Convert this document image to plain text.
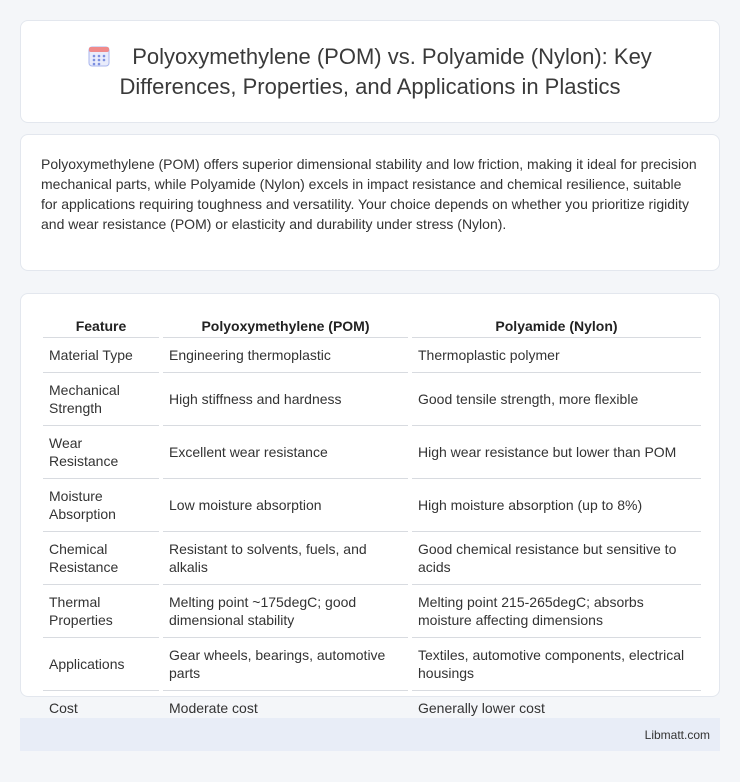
Polyoxymethylene (POM) vs. Polyamide (Nylon): Key Differences, Properties, and Applications in Plastics

Polyoxymethylene (POM) offers superior dimensional stability and low friction, making it ideal for precision mechanical parts, while Polyamide (Nylon) excels in impact resistance and chemical resilience, suitable for applications requiring toughness and versatility. Your choice depends on whether you prioritize rigidity and wear resistance (POM) or elasticity and durability under stress (Nylon).

Feature	Polyoxymethylene (POM)	Polyamide (Nylon)
Material Type	Engineering thermoplastic	Thermoplastic polymer
Mechanical Strength	High stiffness and hardness	Good tensile strength, more flexible
Wear Resistance	Excellent wear resistance	High wear resistance but lower than POM
Moisture Absorption	Low moisture absorption	High moisture absorption (up to 8%)
Chemical Resistance	Resistant to solvents, fuels, and alkalis	Good chemical resistance but sensitive to acids
Thermal Properties	Melting point ~175degC; good dimensional stability	Melting point 215-265degC; absorbs moisture affecting dimensions
Applications	Gear wheels, bearings, automotive parts	Textiles, automotive components, electrical housings
Cost	Moderate cost	Generally lower cost
Libmatt.com
